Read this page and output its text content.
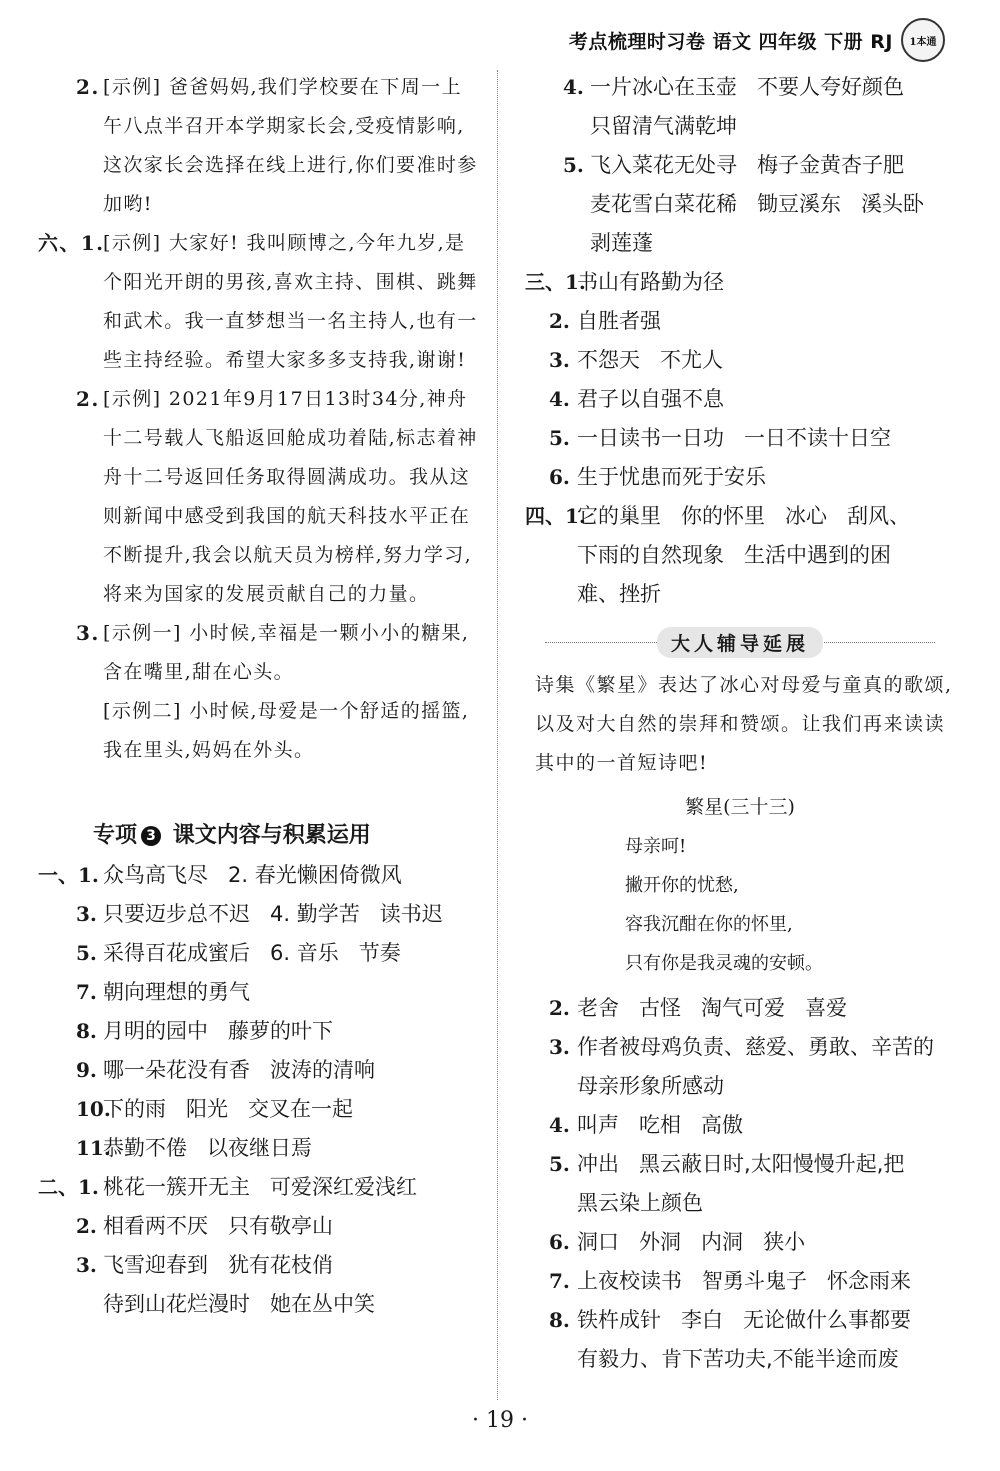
考点梳理时习卷 语文 四年级 下册 RJ	1本通
2. [示例] 爸爸妈妈,我们学校要在下周一上午八点半召开本学期家长会,受疫情影响,这次家长会选择在线上进行,你们要准时参加哟!
六、1.
[示例] 大家好! 我叫顾博之,今年九岁,是个阳光开朗的男孩,喜欢主持、围棋、跳舞和武术。我一直梦想当一名主持人,也有一些主持经验。希望大家多多支持我,谢谢!
2. [示例] 2021年9月17日13时34分,神舟十二号载人飞船返回舱成功着陆,标志着神舟十二号返回任务取得圆满成功。我从这则新闻中感受到我国的航天科技水平正在不断提升,我会以航天员为榜样,努力学习,将来为国家的发展贡献自己的力量。
3. [示例一] 小时候,幸福是一颗小小的糖果,含在嘴里,甜在心头。
[示例二] 小时候,母爱是一个舒适的摇篮,我在里头,妈妈在外头。
专项 3 课文内容与积累运用
一、1. 众鸟高飞尽   2. 春光懒困倚微风
3. 只要迈步总不迟   4. 勤学苦   读书迟
5. 采得百花成蜜后   6. 音乐   节奏
7. 朝向理想的勇气
8. 月明的园中   藤萝的叶下
9. 哪一朵花没有香   波涛的清响
10.
下的雨   阳光   交叉在一起
11.
恭勤不倦   以夜继日焉
二、1. 桃花一簇开无主   可爱深红爱浅红
2. 相看两不厌   只有敬亭山
3. 飞雪迎春到   犹有花枝俏
待到山花烂漫时   她在丛中笑
4. 一片冰心在玉壶   不要人夸好颜色
只留清气满乾坤
5. 飞入菜花无处寻   梅子金黄杏子肥
麦花雪白菜花稀   锄豆溪东   溪头卧
剥莲蓬
三、1.
书山有路勤为径
2. 自胜者强
3. 不怨天   不尤人
4. 君子以自强不息
5. 一日读书一日功   一日不读十日空
6. 生于忧患而死于安乐
四、1.
它的巢里   你的怀里   冰心   刮风、
下雨的自然现象   生活中遇到的困
难、挫折
大人辅导延展
诗集《繁星》表达了冰心对母爱与童真的歌颂,以及对大自然的崇拜和赞颂。让我们再来读读其中的一首短诗吧!
繁星(三十三)
母亲呵!
撇开你的忧愁,
容我沉酣在你的怀里,
只有你是我灵魂的安顿。
2. 老舍   古怪   淘气可爱   喜爱
3. 作者被母鸡负责、慈爱、勇敢、辛苦的
母亲形象所感动
4. 叫声   吃相   高傲
5. 冲出   黑云蔽日时,太阳慢慢升起,把
黑云染上颜色
6. 洞口   外洞   内洞   狭小
7. 上夜校读书   智勇斗鬼子   怀念雨来
8. 铁杵成针   李白   无论做什么事都要
有毅力、肯下苦功夫,不能半途而废
· 19 ·
